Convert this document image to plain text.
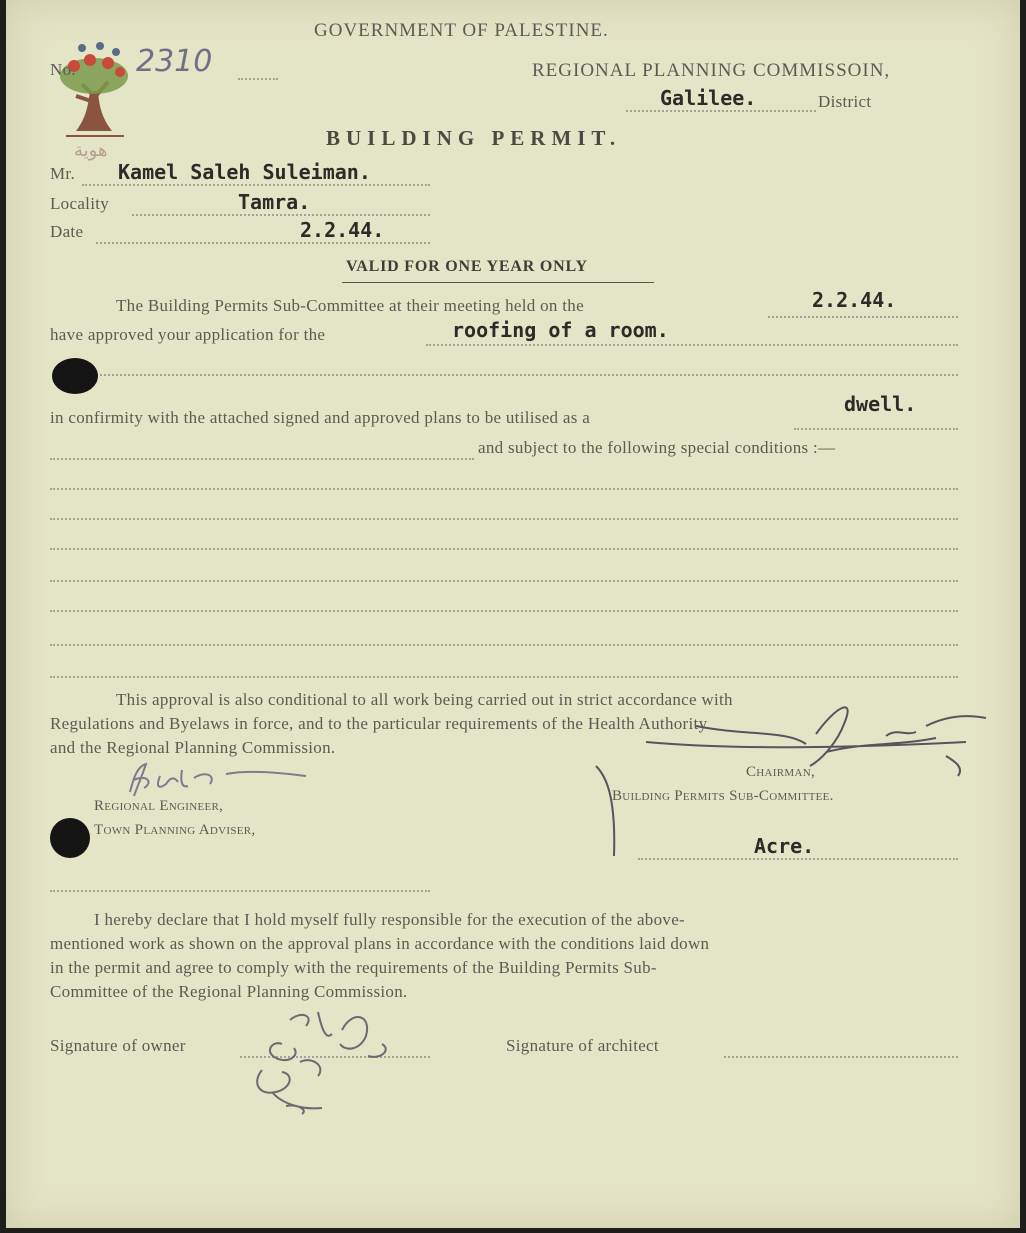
هوية
GOVERNMENT OF PALESTINE.
No. 2310	REGIONAL PLANNING COMMISSOIN,
Galilee.	District
BUILDING PERMIT.
Mr. Kamel Saleh Suleiman.
Locality	Tamra.
Date	2.2.44.
VALID FOR ONE YEAR ONLY
The Building Permits Sub-Committee at their meeting held on the	2.2.44.
have approved your application for the	roofing of a room.
in confirmity with the attached signed and approved plans to be utilised as a
dwell.
and subject to the following special conditions :—
This approval is also conditional to all work being carried out in strict accordance with
Regulations and Byelaws in force, and to the particular requirements of the Health Authority
and the Regional Planning Commission.
Regional Engineer,
Town Planning Adviser,
Chairman,
Building Permits Sub-Committee.
Acre.
I hereby declare that I hold myself fully responsible for the execution of the above-
mentioned work as shown on the approval plans in accordance with the conditions laid down
in the permit and agree to comply with the requirements of the Building Permits Sub-
Committee of the Regional Planning Commission.
Signature of owner	Signature of architect
